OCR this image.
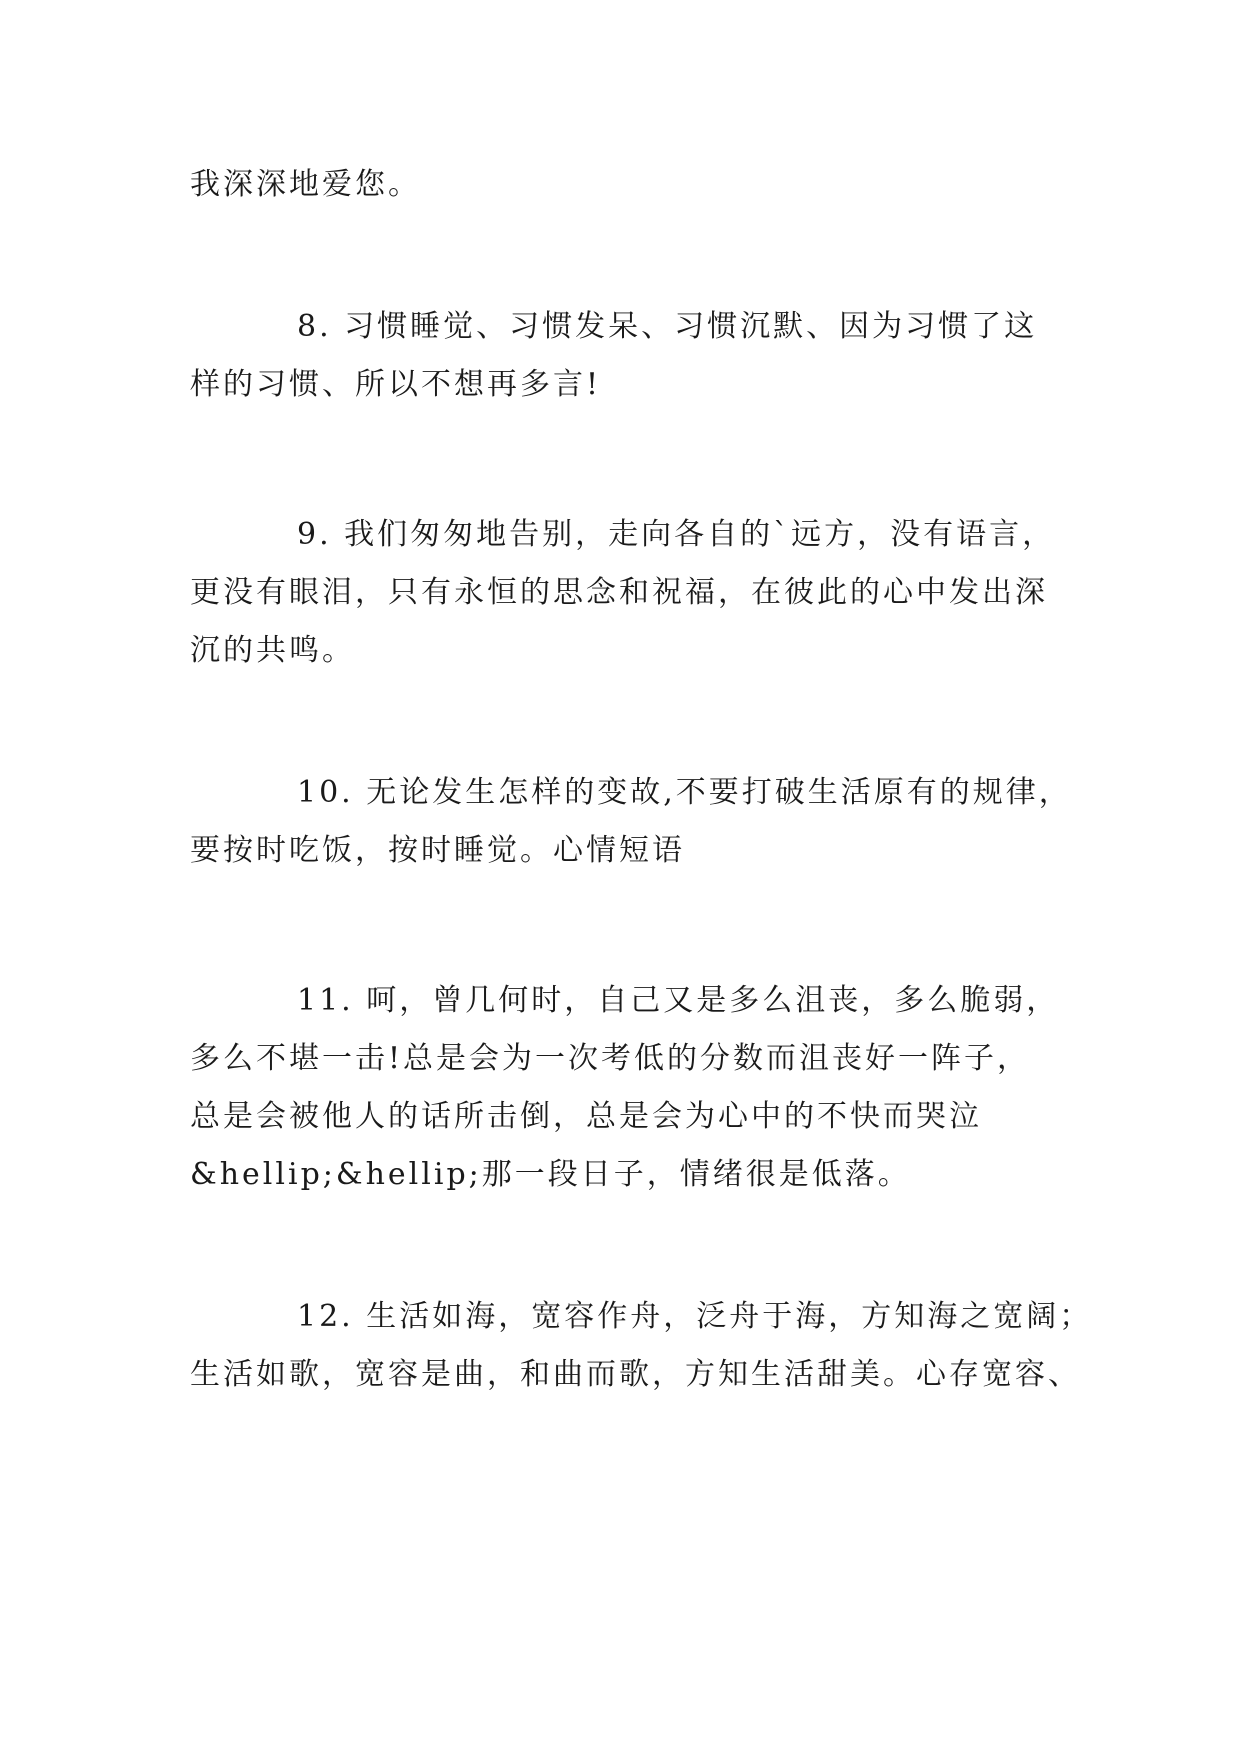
我深深地爱您。
8. 习惯睡觉、习惯发呆、习惯沉默、因为习惯了这
样的习惯、所以不想再多言!
9. 我们匆匆地告别，走向各自的`远方，没有语言，
更没有眼泪，只有永恒的思念和祝福，在彼此的心中发出深
沉的共鸣。
10. 无论发生怎样的变故,不要打破生活原有的规律，
要按时吃饭，按时睡觉。心情短语
11. 呵，曾几何时，自己又是多么沮丧，多么脆弱，
多么不堪一击!总是会为一次考低的分数而沮丧好一阵子，
总是会被他人的话所击倒，总是会为心中的不快而哭泣
&hellip;&hellip;那一段日子，情绪很是低落。
12. 生活如海，宽容作舟，泛舟于海，方知海之宽阔；
生活如歌，宽容是曲，和曲而歌，方知生活甜美。心存宽容、
